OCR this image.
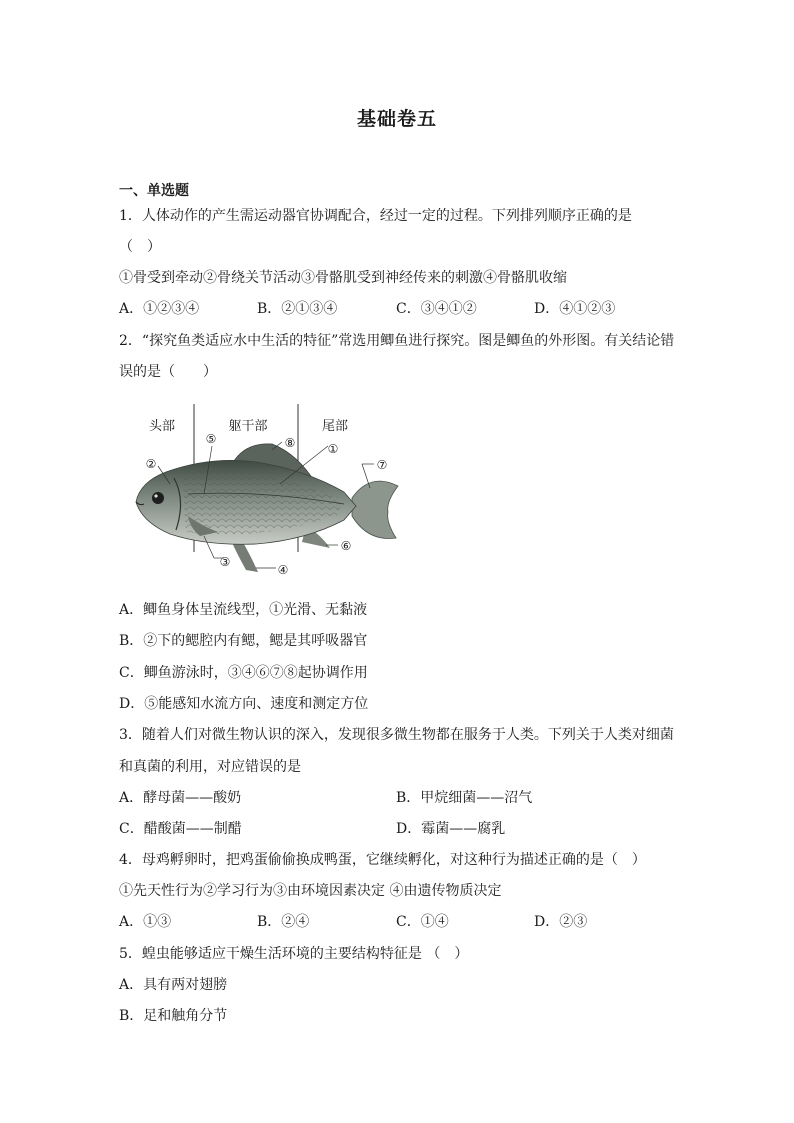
基础卷五
一、单选题
1．人体动作的产生需运动器官协调配合，经过一定的过程。下列排列顺序正确的是
（　）
①骨受到牵动②骨绕关节活动③骨骼肌受到神经传来的刺激④骨骼肌收缩
A．①②③④	B．②①③④	C．③④①②	D．④①②③
2．“探究鱼类适应水中生活的特征”常选用鲫鱼进行探究。图是鲫鱼的外形图。有关结论错
误的是（　　）
头部	躯干部	尾部
①
②
③
④
⑤
⑥
⑦
⑧
A．鲫鱼身体呈流线型，①光滑、无黏液
B．②下的鳃腔内有鳃，鳃是其呼吸器官
C．鲫鱼游泳时，③④⑥⑦⑧起协调作用
D．⑤能感知水流方向、速度和测定方位
3．随着人们对微生物认识的深入，发现很多微生物都在服务于人类。下列关于人类对细菌
和真菌的利用，对应错误的是
A．酵母菌——酸奶	B．甲烷细菌——沼气
C．醋酸菌——制醋	D．霉菌——腐乳
4．母鸡孵卵时，把鸡蛋偷偷换成鸭蛋，它继续孵化，对这种行为描述正确的是（　）
①先天性行为②学习行为③由环境因素决定 ④由遗传物质决定
A．①③	B．②④	C．①④	D．②③
5．蝗虫能够适应干燥生活环境的主要结构特征是 （　）
A．具有两对翅膀
B．足和触角分节
